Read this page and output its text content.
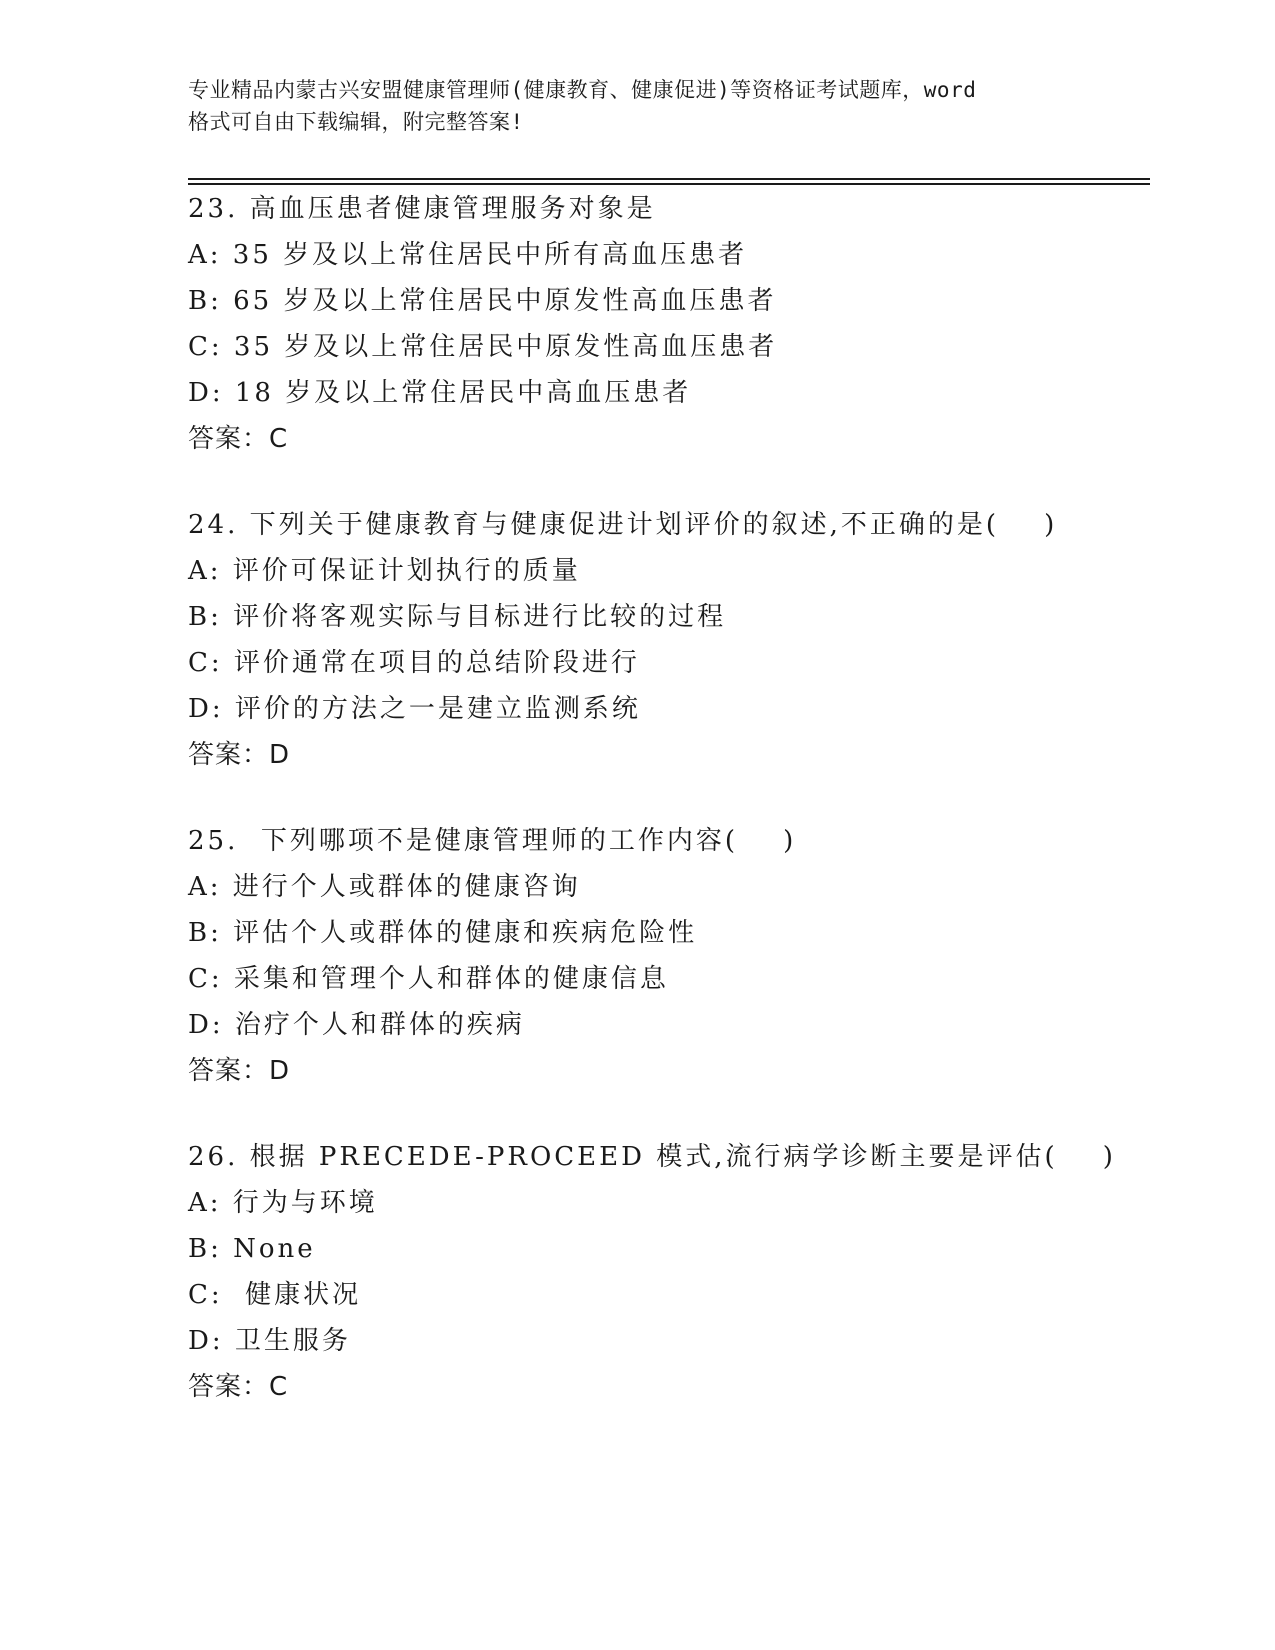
专业精品内蒙古兴安盟健康管理师(健康教育、健康促进)等资格证考试题库，word
格式可自由下载编辑，附完整答案!
23. 高血压患者健康管理服务对象是
A: 35 岁及以上常住居民中所有高血压患者
B: 65 岁及以上常住居民中原发性高血压患者
C: 35 岁及以上常住居民中原发性高血压患者
D: 18 岁及以上常住居民中高血压患者
答案：C
24. 下列关于健康教育与健康促进计划评价的叙述,不正确的是(    )
A: 评价可保证计划执行的质量
B: 评价将客观实际与目标进行比较的过程
C: 评价通常在项目的总结阶段进行
D: 评价的方法之一是建立监测系统
答案：D
25.  下列哪项不是健康管理师的工作内容(    )
A: 进行个人或群体的健康咨询
B: 评估个人或群体的健康和疾病危险性
C: 采集和管理个人和群体的健康信息
D: 治疗个人和群体的疾病
答案：D
26. 根据 PRECEDE-PROCEED 模式,流行病学诊断主要是评估(    )
A: 行为与环境
B: None
C:  健康状况
D: 卫生服务
答案：C
